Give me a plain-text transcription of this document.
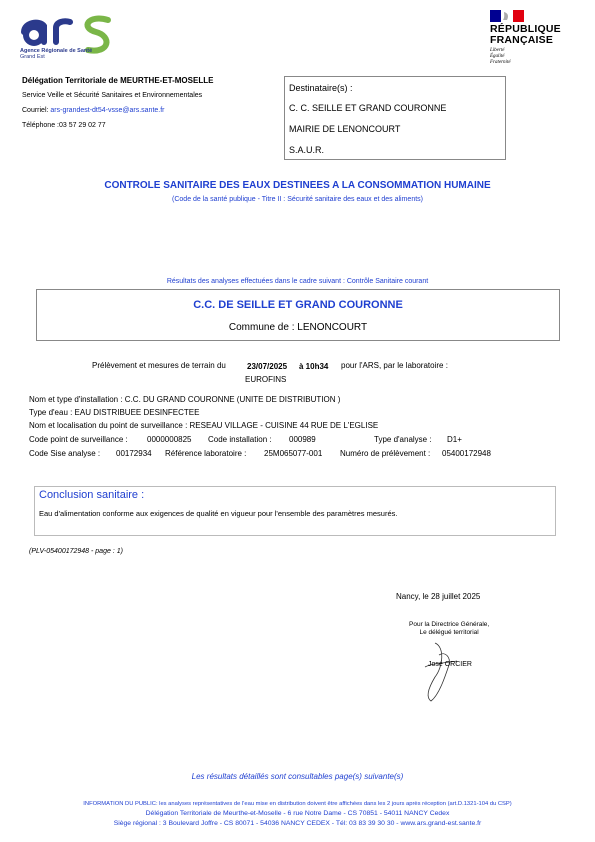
Agence Régionale de Santé
Grand Est
RÉPUBLIQUE
FRANÇAISE
Liberté
Égalité
Fraternité
Délégation Territoriale de MEURTHE-ET-MOSELLE
Service Veille et Sécurité Sanitaires et Environnementales
Courriel: ars-grandest-dt54-vsse@ars.sante.fr
Téléphone :03 57 29 02 77
Destinataire(s) :
C. C. SEILLE ET GRAND COURONNE
MAIRIE DE LENONCOURT
S.A.U.R.
CONTROLE SANITAIRE DES EAUX DESTINEES A LA CONSOMMATION HUMAINE
(Code de la santé publique - Titre II : Sécurité sanitaire des eaux et des aliments)
Résultats des analyses effectuées dans le cadre suivant : Contrôle Sanitaire courant
C.C. DE SEILLE ET GRAND COURONNE
Commune de : LENONCOURT
Prélèvement et mesures de terrain du	23/07/2025 à 10h34 pour l'ARS, par le laboratoire :
EUROFINS
Nom et type d'installation : C.C. DU GRAND COURONNE (UNITE DE DISTRIBUTION )
Type d'eau : EAU DISTRIBUEE DESINFECTEE
Nom et localisation du point de surveillance : RESEAU VILLAGE - CUISINE 44 RUE DE L'EGLISE
Code point de surveillance : 0000000825 Code installation : 000989	Type d'analyse : D1+
Code Sise analyse : 00172934 Référence laboratoire : 25M065077-001 Numéro de prélèvement : 05400172948
Conclusion sanitaire :
Eau d'alimentation conforme aux exigences de qualité en vigueur pour l'ensemble des paramètres mesurés.
(PLV-05400172948 - page : 1)
Nancy, le 28 juillet 2025
Pour la Directrice Générale,
Le délégué territorial
José ORCIER
Les résultats détaillés sont consultables page(s) suivante(s)
INFORMATION DU PUBLIC: les analyses représentatives de l'eau mise en distribution doivent être affichées dans les 2 jours après réception (art.D.1321-104 du CSP)
Délégation Territoriale de Meurthe-et-Moselle - 6 rue Notre Dame - CS 70851 - 54011 NANCY Cedex
Siège régional : 3 Boulevard Joffre - CS 80071 - 54036 NANCY CEDEX - Tél: 03 83 39 30 30 - www.ars.grand-est.sante.fr
